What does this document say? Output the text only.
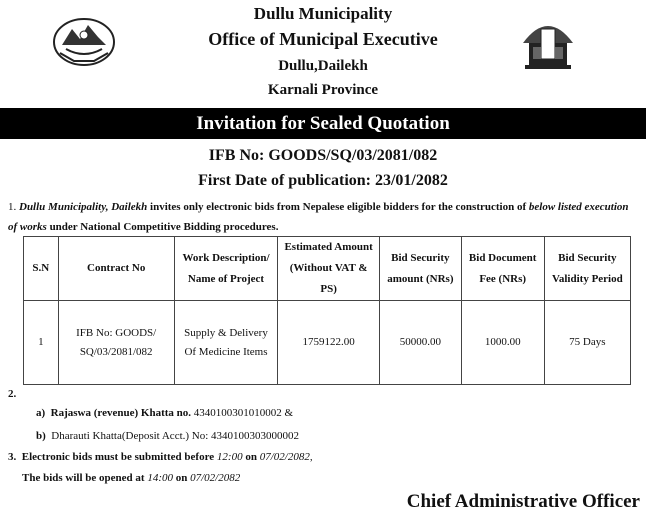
Dullu Municipality
Office of Municipal Executive
Dullu,Dailekh
Karnali Province
Invitation for Sealed Quotation
IFB No: GOODS/SQ/03/2081/082
First Date of publication: 23/01/2082
1. Dullu Municipality, Dailekh invites only electronic bids from Nepalese eligible bidders for the construction of below listed execution of works under National Competitive Bidding procedures.
S.N	Contract No	Work Description/ Name of Project	Estimated Amount (Without VAT & PS)	Bid Security amount (NRs)	Bid Document Fee (NRs)	Bid Security Validity Period
1	IFB No: GOODS/ SQ/03/2081/082	Supply & Delivery Of Medicine Items	1759122.00	50000.00	1000.00	75 Days
2.
a) Rajaswa (revenue) Khatta no. 4340100301010002 &
b) Dharauti Khatta(Deposit Acct.) No: 4340100303000002
3. Electronic bids must be submitted before 12:00 on 07/02/2082,
The bids will be opened at 14:00 on 07/02/2082
Chief Administrative Officer
